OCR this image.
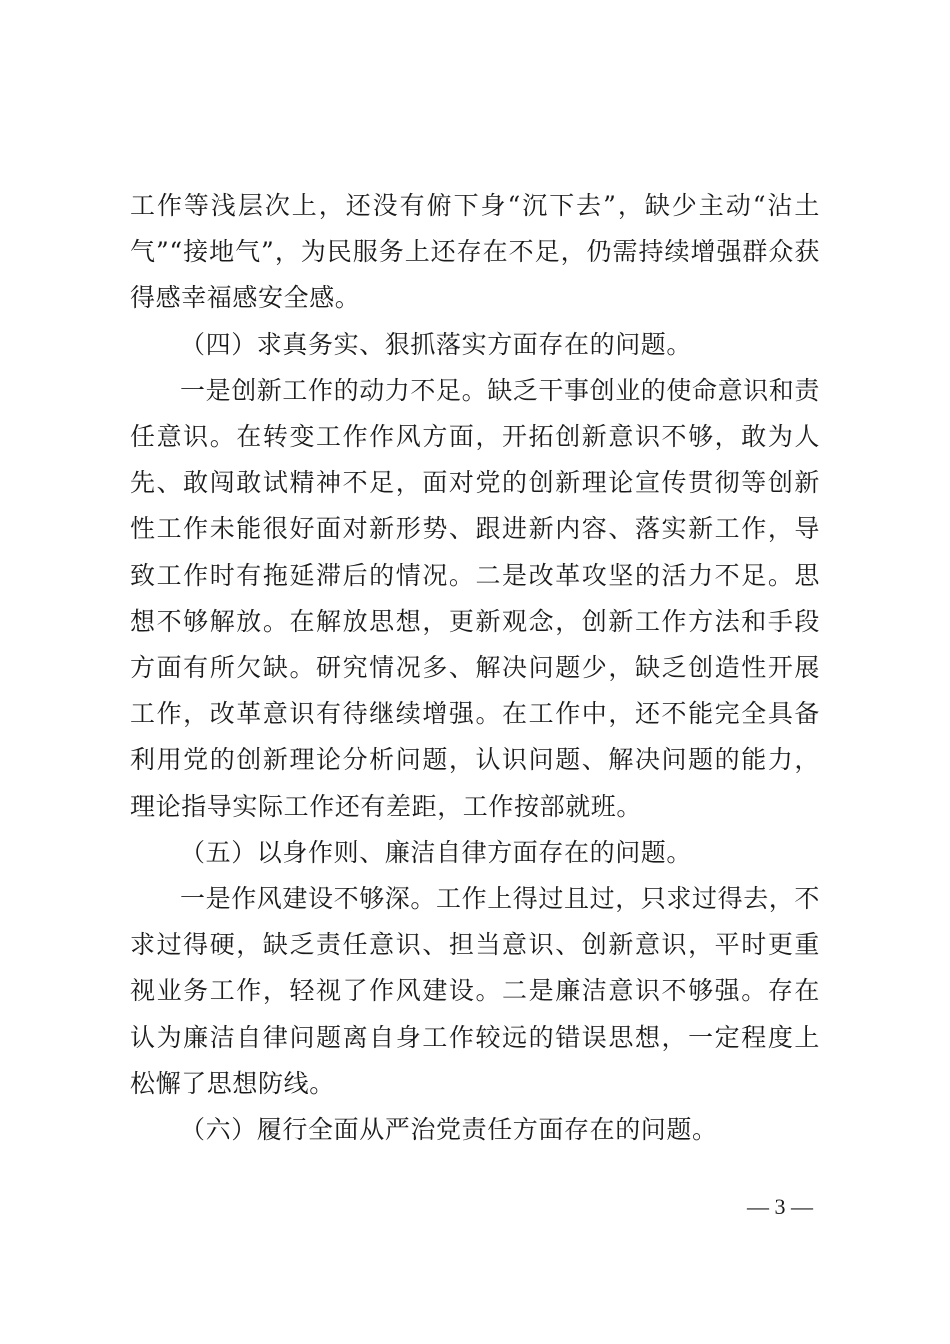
工作等浅层次上，还没有俯下身“沉下去”，缺少主动“沾土气”“接地气”，为民服务上还存在不足，仍需持续增强群众获得感幸福感安全感。

（四）求真务实、狠抓落实方面存在的问题。

一是创新工作的动力不足。缺乏干事创业的使命意识和责任意识。在转变工作作风方面，开拓创新意识不够，敢为人先、敢闯敢试精神不足，面对党的创新理论宣传贯彻等创新性工作未能很好面对新形势、跟进新内容、落实新工作，导致工作时有拖延滞后的情况。二是改革攻坚的活力不足。思想不够解放。在解放思想，更新观念，创新工作方法和手段方面有所欠缺。研究情况多、解决问题少，缺乏创造性开展工作，改革意识有待继续增强。在工作中，还不能完全具备利用党的创新理论分析问题，认识问题、解决问题的能力，理论指导实际工作还有差距，工作按部就班。

（五）以身作则、廉洁自律方面存在的问题。

一是作风建设不够深。工作上得过且过，只求过得去，不求过得硬，缺乏责任意识、担当意识、创新意识，平时更重视业务工作，轻视了作风建设。二是廉洁意识不够强。存在认为廉洁自律问题离自身工作较远的错误思想，一定程度上松懈了思想防线。

（六）履行全面从严治党责任方面存在的问题。

— 3 —
